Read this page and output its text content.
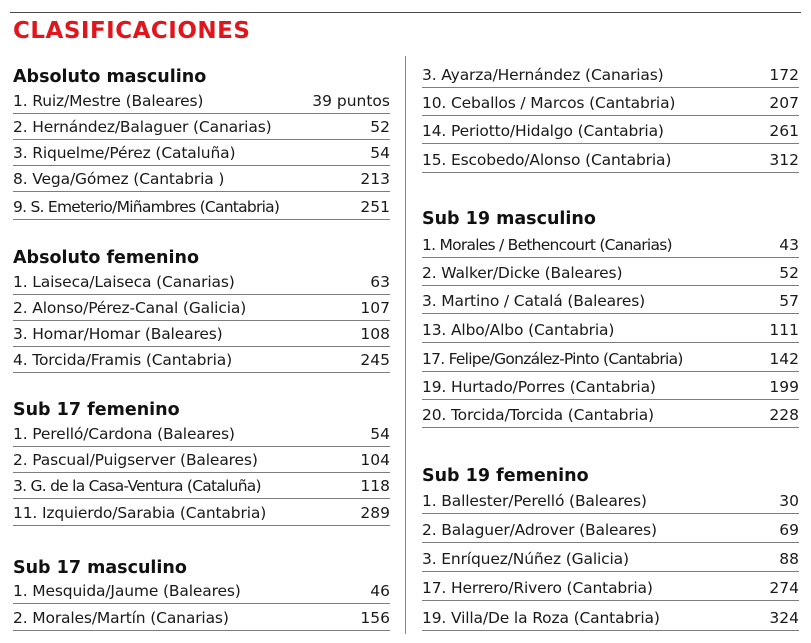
CLASIFICACIONES
Absoluto masculino
1. Ruiz/Mestre (Baleares)	39 puntos
2. Hernández/Balaguer (Canarias)	52
3. Riquelme/Pérez (Cataluña)	54
8. Vega/Gómez (Cantabria )	213
9. S. Emeterio/Miñambres (Cantabria)	251
Absoluto femenino
1. Laiseca/Laiseca (Canarias)	63
2. Alonso/Pérez-Canal (Galicia)	107
3. Homar/Homar (Baleares)	108
4. Torcida/Framis (Cantabria)	245
Sub 17 femenino
1. Perelló/Cardona (Baleares)	54
2. Pascual/Puigserver (Baleares)	104
3. G. de la Casa-Ventura (Cataluña)	118
11. Izquierdo/Sarabia (Cantabria)	289
Sub 17 masculino
1. Mesquida/Jaume (Baleares)	46
2. Morales/Martín (Canarias)	156
3. Ayarza/Hernández (Canarias)	172
10. Ceballos / Marcos (Cantabria)	207
14. Periotto/Hidalgo (Cantabria)	261
15. Escobedo/Alonso (Cantabria)	312
Sub 19 masculino
1. Morales / Bethencourt (Canarias)	43
2. Walker/Dicke (Baleares)	52
3. Martino / Catalá (Baleares)	57
13. Albo/Albo (Cantabria)	111
17. Felipe/González-Pinto (Cantabria)	142
19. Hurtado/Porres (Cantabria)	199
20. Torcida/Torcida (Cantabria)	228
Sub 19 femenino
1. Ballester/Perelló (Baleares)	30
2. Balaguer/Adrover (Baleares)	69
3. Enríquez/Núñez (Galicia)	88
17. Herrero/Rivero (Cantabria)	274
19. Villa/De la Roza (Cantabria)	324
